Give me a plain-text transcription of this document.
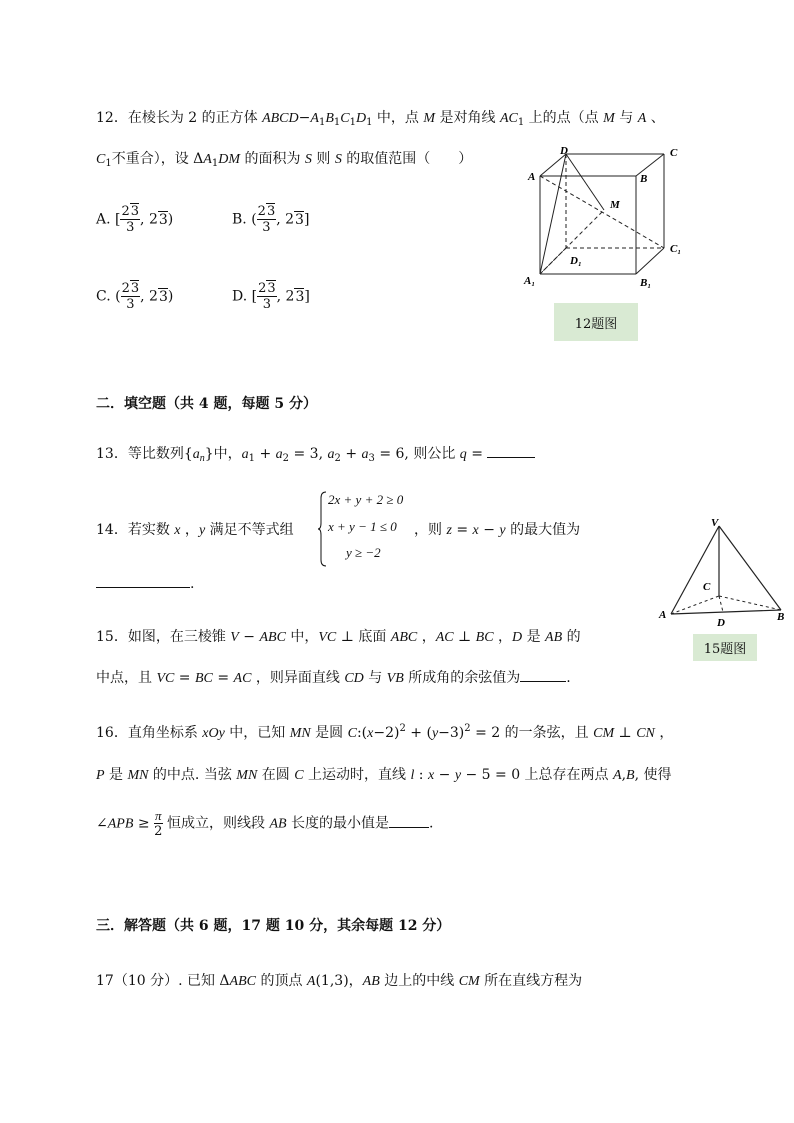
12．在棱长为 2 的正方体 $ABCD-A_1B_1C_1D_1$ 中，点 M 是对角线 $AC_1$ 上的点（点 M 与 A 、
$C_1$不重合），设 $\Delta A_1DM$ 的面积为 S 则 S 的取值范围（　　）
A. [ $\frac{23}{3}$ , 23)	B. ( $\frac{23}{3}$ , 23]
C. ( $\frac{23}{3}$ , 23)	D. [ $\frac{23}{3}$ , 23]
D	C
A	B
M
C₁
D₁
A₁	B₁
12题图
二．填空题（共 4 题，每题 5 分）
13．等比数列$\{a_n\}$中，$a_1 + a_2 = 3$, $a_2 + a_3 = 6$, 则公比 q =
14．若实数 x ，y 满足不等式组
2x + y + 2 ≥ 0
x + y − 1 ≤ 0
y ≥ −2
，则 z = x − y 的最大值为
.
V
C
A
D	B
15题图
15．如图，在三棱锥 V − ABC 中，VC ⊥ 底面 ABC ，AC ⊥ BC ，D 是 AB 的
中点，且 VC = BC = AC ，则异面直线 CD 与 VB 所成角的余弦值为	.
16．直角坐标系 xOy 中，已知 MN 是圆 $C:(x-2)^2 + (y-3)^2 = 2$ 的一条弦，且 CM ⊥ CN ，
P 是 MN 的中点. 当弦 MN 在圆 C 上运动时，直线 l : x − y − 5 = 0 上总存在两点 A,B, 使得
∠APB ≥ $\frac{\pi}{2}$ 恒成立，则线段 AB 长度的最小值是	.
三．解答题（共 6 题，17 题 10 分，其余每题 12 分）
17（10 分）. 已知 ΔABC 的顶点 A(1,3)，AB 边上的中线 CM 所在直线方程为
